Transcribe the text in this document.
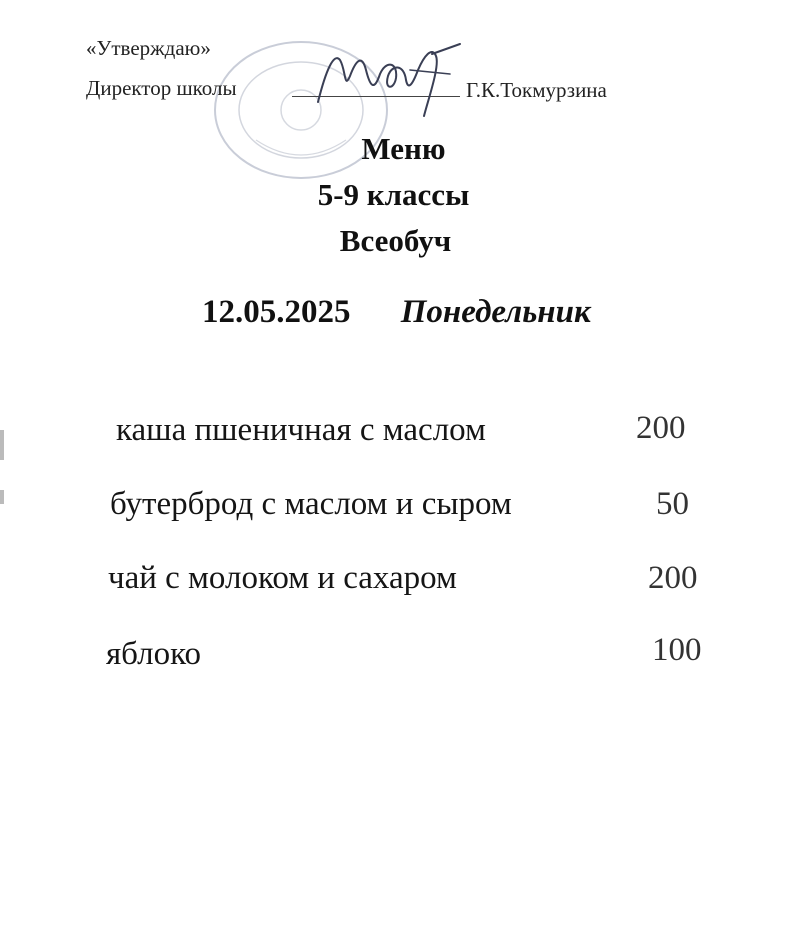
«Утверждаю»
Директор школы	Г.К.Токмурзина
Меню
5-9 классы
Всеобуч
12.05.2025 Понедельник
каша пшеничная с маслом	200
бутерброд с маслом и сыром	50
чай с молоком и сахаром	200
яблоко	100
